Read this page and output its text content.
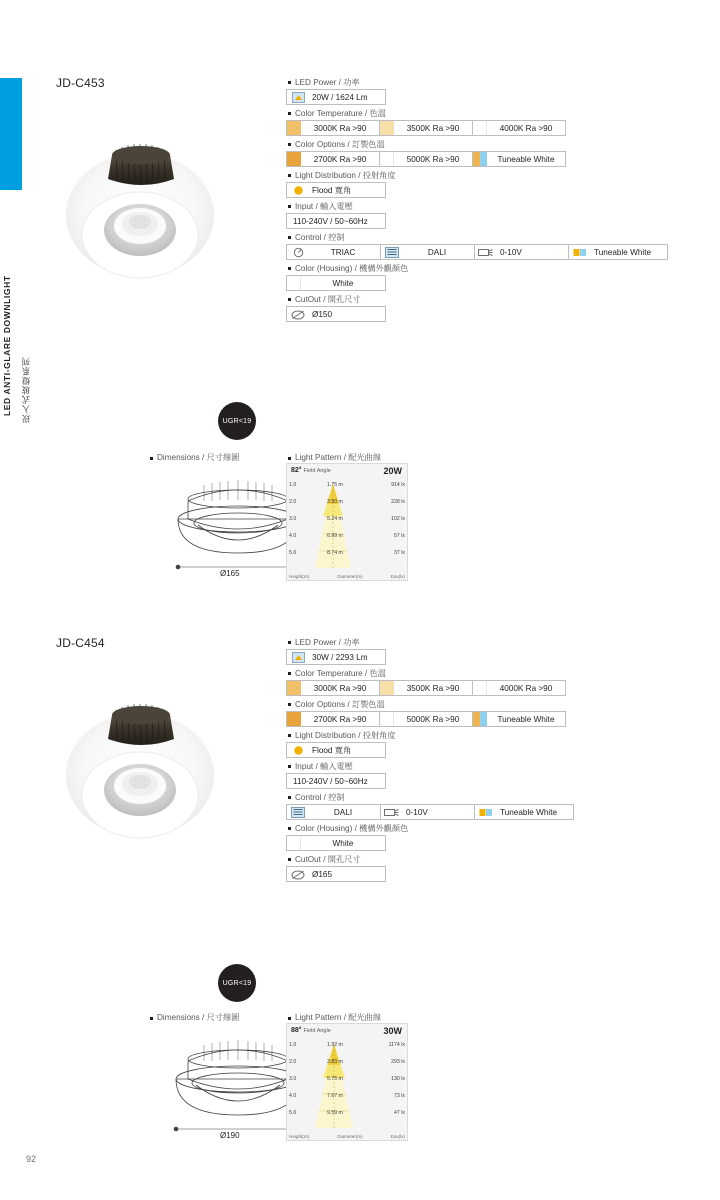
LED ANTI-GLARE DOWNLIGHT	崁入式玻燈系列
92
JD-C453
UGR<19
LED Power / 功率
20W / 1624 Lm
Color Temperature / 色溫
3000K Ra >90	3500K Ra >90	4000K Ra >90
Color Options / 訂製色溫
2700K Ra >90	5000K Ra >90	Tuneable White
Light Distribution / 投射角度
Flood 寬角
Input / 輸入電壓
110-240V / 50~60Hz
Control / 控制
TRIAC	DALI	0-10V	Tuneable White
Color (Housing) / 機構外觀顏色
White
CutOut / 開孔尺寸
Ø150
Dimensions / 尺寸線圖
Ø165
Light Pattern / 配光曲線
82° Field Angle	20W
1.0
2.0
3.0
4.0
5.0
1.75 m	914 lx
3.50 m	228 lx
5.24 m	102 lx
6.99 m	57 lx
8.74 m	37 lx
Height(m)	Diameter(m)	Eav(lx)
JD-C454
UGR<19
LED Power / 功率
30W / 2293 Lm
Color Temperature / 色溫
3000K Ra >90	3500K Ra >90	4000K Ra >90
Color Options / 訂製色溫
2700K Ra >90	5000K Ra >90	Tuneable White
Light Distribution / 投射角度
Flood 寬角
Input / 輸入電壓
110-240V / 50~60Hz
Control / 控制
DALI	0-10V	Tuneable White
Color (Housing) / 機構外觀顏色
White
CutOut / 開孔尺寸
Ø165
Dimensions / 尺寸線圖
Ø190
Light Pattern / 配光曲線
88° Field Angle	30W
1.0
2.0
3.0
4.0
5.0
1.92 m	1174 lx
3.83 m	293 lx
5.75 m	130 lx
7.67 m	73 lx
9.59 m	47 lx
Height(m)	Diameter(m)	Eav(lx)
